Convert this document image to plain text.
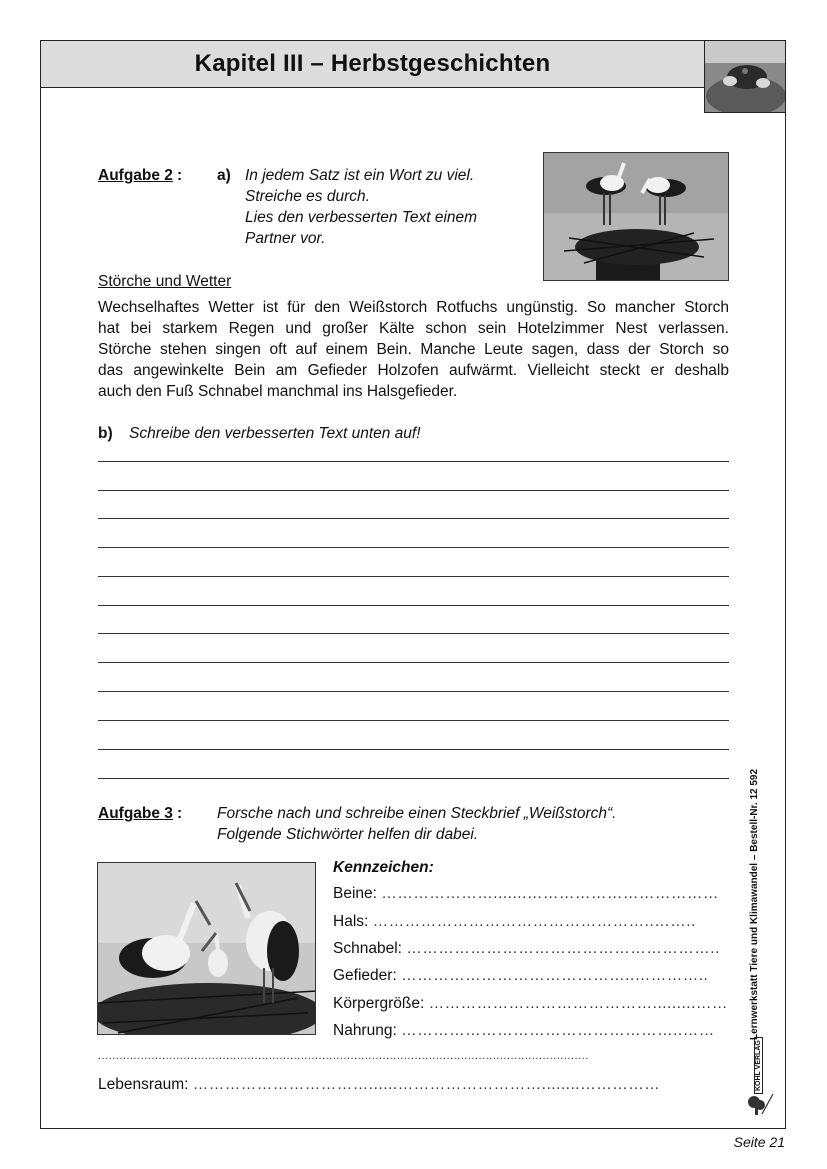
Kapitel III – Herbstgeschichten
Aufgabe 2 : a) In jedem Satz ist ein Wort zu viel.
Streiche es durch.
Lies den verbesserten Text einem
Partner vor.
Störche und Wetter
Wechselhaftes Wetter ist für den Weißstorch Rotfuchs ungünstig. So mancher Storch
hat bei starkem Regen und großer Kälte schon sein Hotelzimmer Nest verlassen.
Störche stehen singen oft auf einem Bein. Manche Leute sagen, dass der Storch so
das angewinkelte Bein am Gefieder Holzofen aufwärmt. Vielleicht steckt er deshalb
auch den Fuß Schnabel manchmal ins Halsgefieder.
b) Schreibe den verbesserten Text unten auf!
Aufgabe 3 : Forsche nach und schreibe einen Steckbrief „Weißstorch“.
Folgende Stichwörter helfen dir dabei.
Kennzeichen:
Beine: ………………….......………………………………
Hals: ……………………………………………..……..
Schnabel: …………………………………………………..
Gefieder: ……………………………………..…………..
Körpergröße: …………………………………….........……
Nahrung: ……………………………………………..……
..........................................................................................................................................
Lebensraum: ……………………………......………………………........……………
Lernwerkstatt Tiere und Klimawandel – Bestell-Nr. 12 592
KOHL VERLAG
Seite 21
